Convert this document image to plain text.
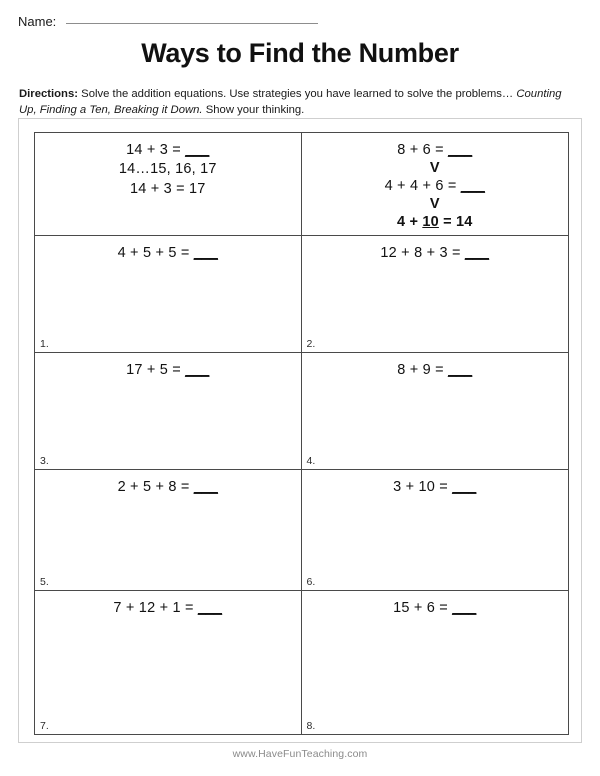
Name:
Ways to Find the Number
Directions: Solve the addition equations. Use strategies you have learned to solve the problems… Counting Up, Finding a Ten, Breaking it Down. Show your thinking.
14 + 3 = ___
14…15, 16, 17
14 + 3 = 17
8 + 6 = ___
V
4 + 4 + 6 = ___
V
4 + 10 = 14
4 + 5 + 5 = ___
1.
12 + 8 + 3 = ___
2.
17 + 5 = ___
3.
8 + 9 = ___
4.
2 + 5 + 8 = ___
5.
3 + 10 = ___
6.
7 + 12 + 1 = ___
7.
15 + 6 = ___
8.
www.HaveFunTeaching.com
